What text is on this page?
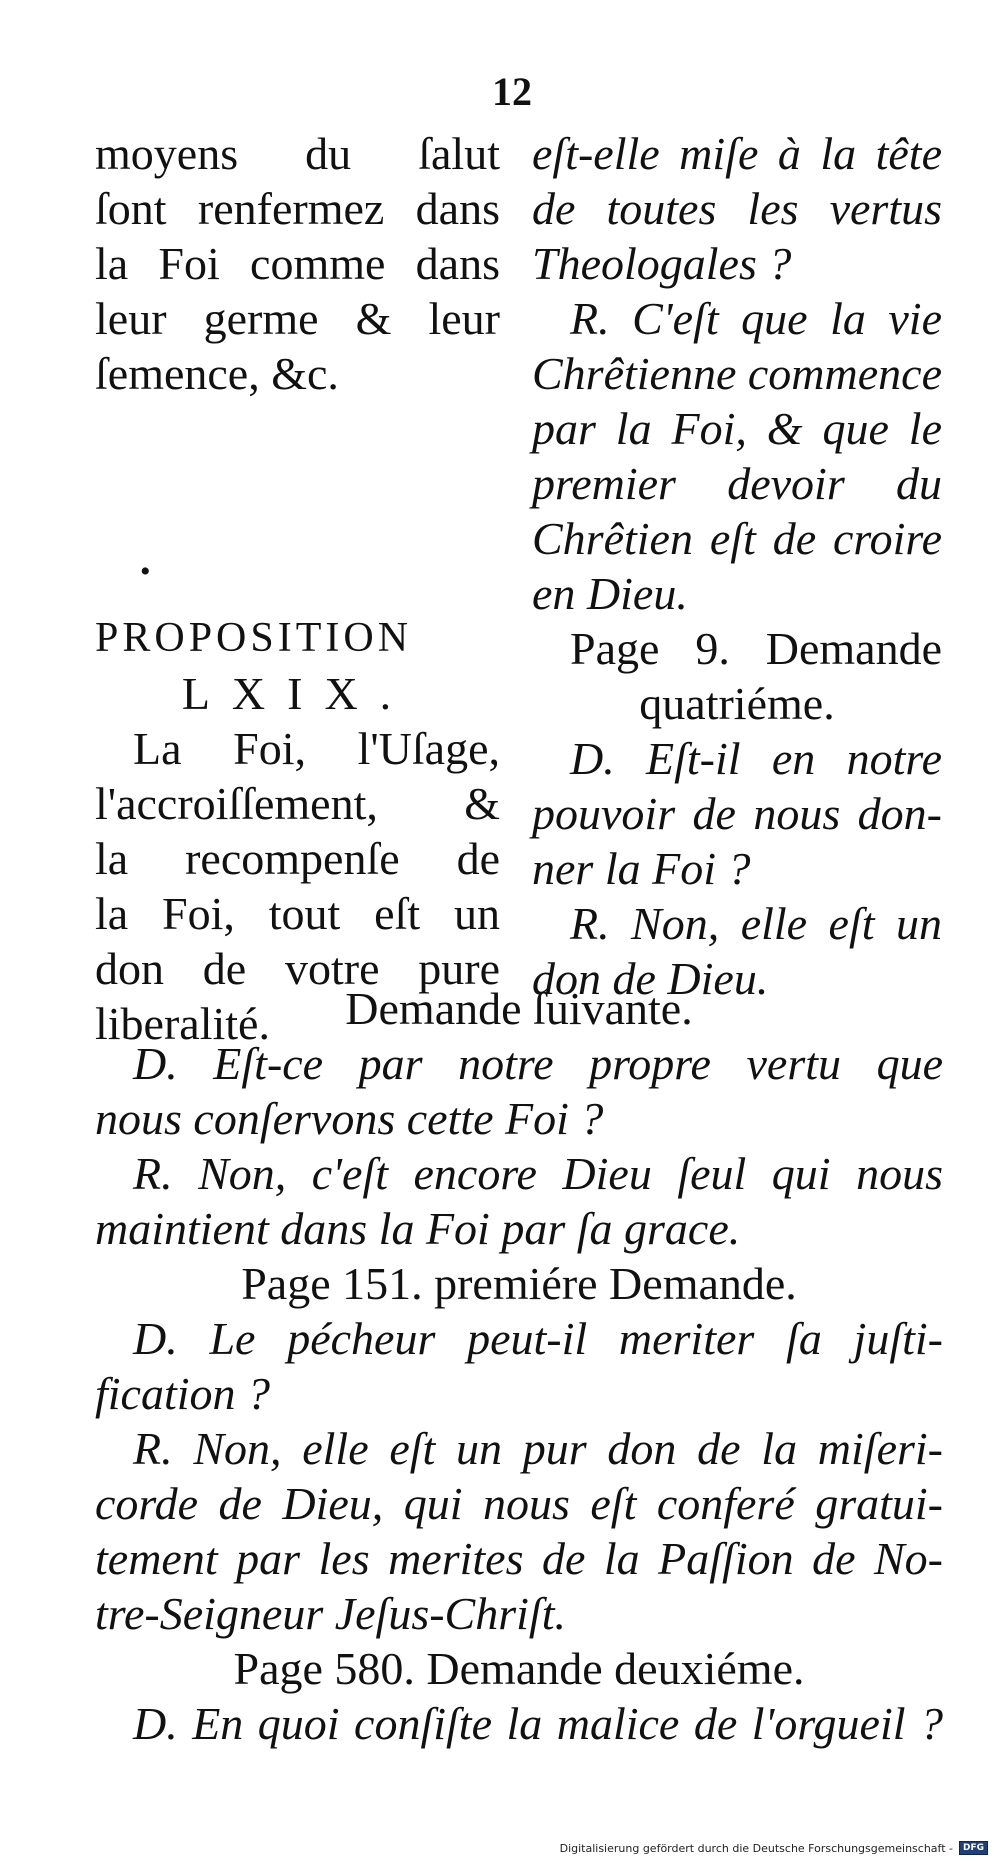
12
moyens du ſalut
ſont renfermez dans
la Foi comme dans
leur germe & leur
ſemence, &c.
•
PROPOSITION
LXIX.
La Foi, l'Uſage,
l'accroiſſement, &
la recompenſe de
la Foi, tout eſt un
don de votre pure
liberalité.
eſt-elle miſe à la tête
de toutes les vertus
Theologales ?
R. C'eſt que la vie
Chrêtienne commence
par la Foi, & que le
premier devoir du
Chrêtien eſt de croire
en Dieu.
Page 9. Demande
quatriéme.
D. Eſt-il en notre
pouvoir de nous don-
ner la Foi ?
R. Non, elle eſt un
don de Dieu.
Demande ſuivante.
D. Eſt-ce par notre propre vertu que
nous conſervons cette Foi ?
R. Non, c'eſt encore Dieu ſeul qui nous
maintient dans la Foi par ſa grace.
Page 151. premiére Demande.
D. Le pécheur peut-il meriter ſa juſti-
fication ?
R. Non, elle eſt un pur don de la miſeri-
corde de Dieu, qui nous eſt conferé gratui-
tement par les merites de la Paſſion de No-
tre-Seigneur Jeſus-Chriſt.
Page 580. Demande deuxiéme.
D. En quoi conſiſte la malice de l'orgueil ?
Digitalisierung gefördert durch die Deutsche Forschungsgemeinschaft -	DFG
